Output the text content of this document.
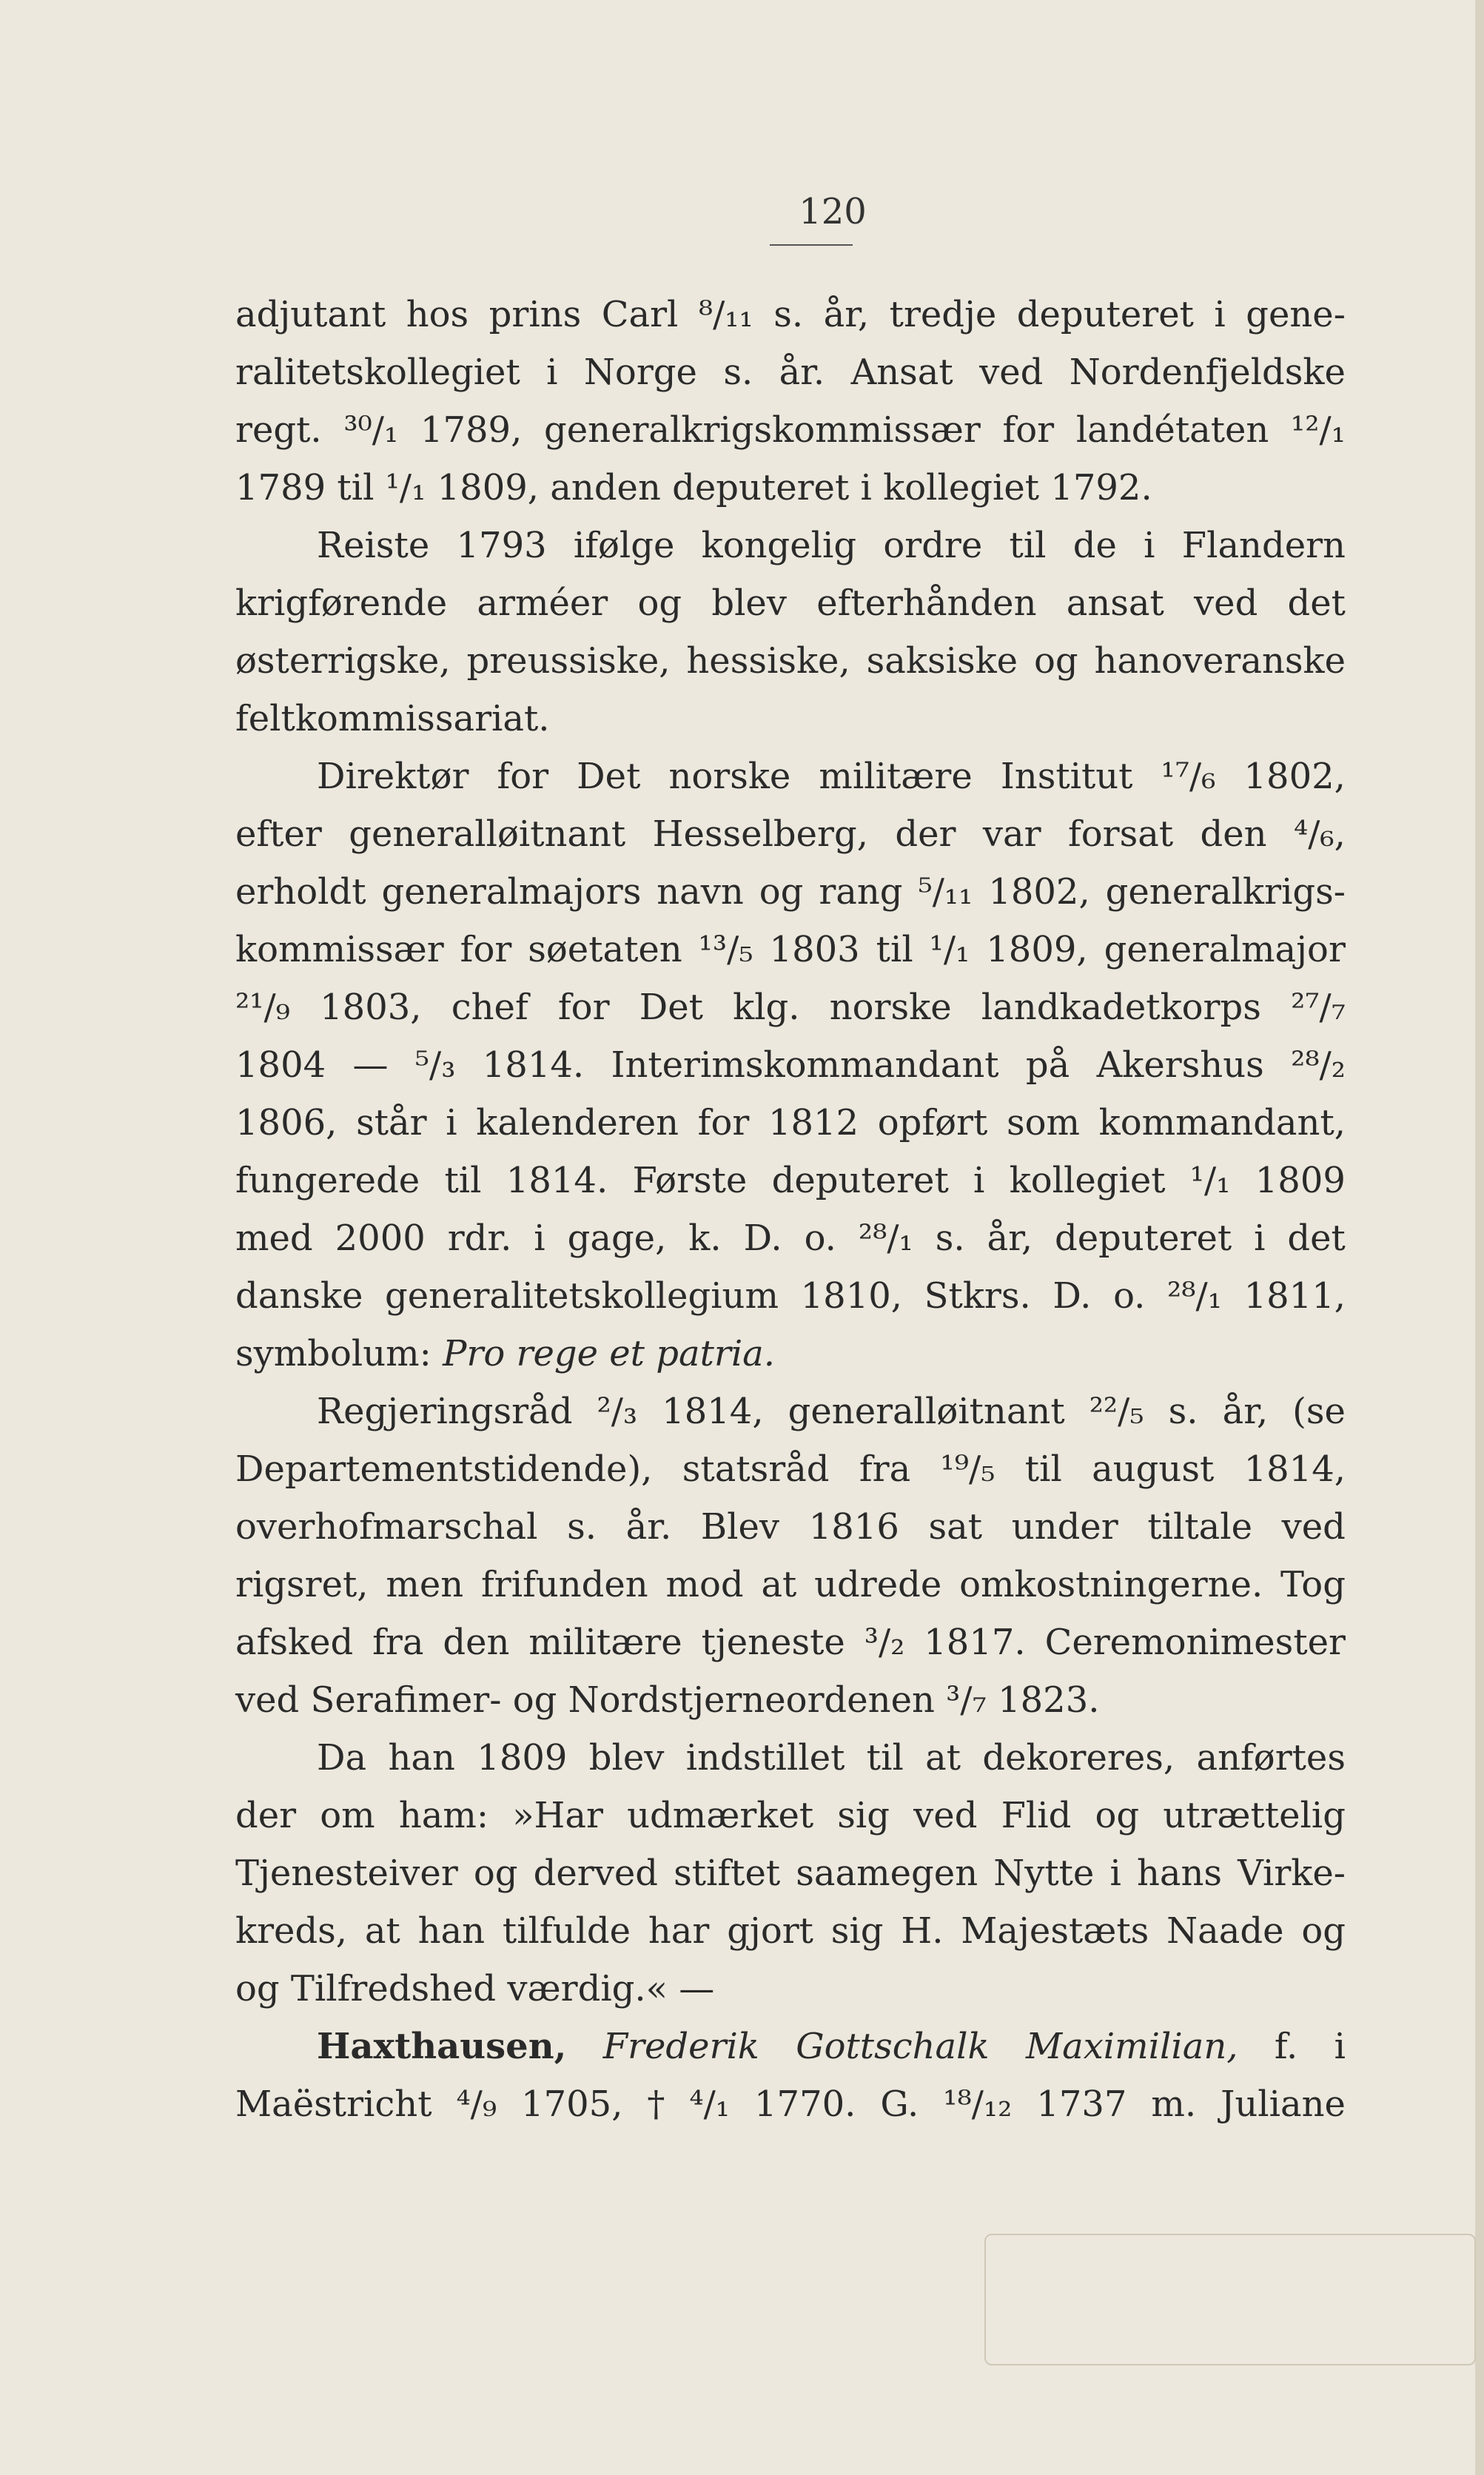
120
adjutant hos prins Carl ⁸/₁₁ s. år, tredje deputeret i gene-
ralitetskollegiet i Norge s. år. Ansat ved Nordenfjeldske
regt. ³⁰/₁ 1789, generalkrigskommissær for landétaten ¹²/₁
1789
til
¹/₁
1809,
anden
deputeret
i
kollegiet
1792.

Reiste 1793 ifølge kongelig ordre til de i Flandern
krigførende arméer og blev efterhånden ansat ved det
østerrigske, preussiske, hessiske, saksiske og hanoveranske
feltkommissariat.

Direktør for Det norske militære Institut ¹⁷/₆ 1802,
efter generalløitnant Hesselberg, der var forsat den ⁴/₆,
erholdt generalmajors navn og rang ⁵/₁₁ 1802, generalkrigs-
kommissær for søetaten ¹³/₅ 1803 til ¹/₁ 1809, generalmajor
²¹/₉ 1803, chef for Det klg. norske landkadetkorps ²⁷/₇
1804 — ⁵/₃ 1814. Interimskommandant på Akershus ²⁸/₂
1806, står i kalenderen for 1812 opført som kommandant,
fungerede til 1814. Første deputeret i kollegiet ¹/₁ 1809
med 2000 rdr. i gage, k. D. o. ²⁸/₁ s. år, deputeret i det
danske generalitetskollegium 1810, Stkrs. D. o. ²⁸/₁ 1811,
symbolum:
Pro
rege
et
patria.

Regjeringsråd ²/₃ 1814, generalløitnant ²²/₅ s. år, (se
Departementstidende), statsråd fra ¹⁹/₅ til august 1814,
overhofmarschal s. år. Blev 1816 sat under tiltale ved
rigsret, men frifunden mod at udrede omkostningerne. Tog
afsked fra den militære tjeneste ³/₂ 1817. Ceremonimester
ved
Serafimer-
og
Nordstjerneordenen
³/₇
1823.

Da han 1809 blev indstillet til at dekoreres, anførtes
der om ham: »Har udmærket sig ved Flid og utrættelig
Tjenesteiver og derved stiftet saamegen Nytte i hans Virke-
kreds, at han tilfulde har gjort sig H. Majestæts Naade og
og
Tilfredshed
værdig.«
—

Haxthausen, Frederik Gottschalk Maximilian, f. i
Maëstricht ⁴/₉ 1705, † ⁴/₁ 1770. G. ¹⁸/₁₂ 1737 m. Juliane
